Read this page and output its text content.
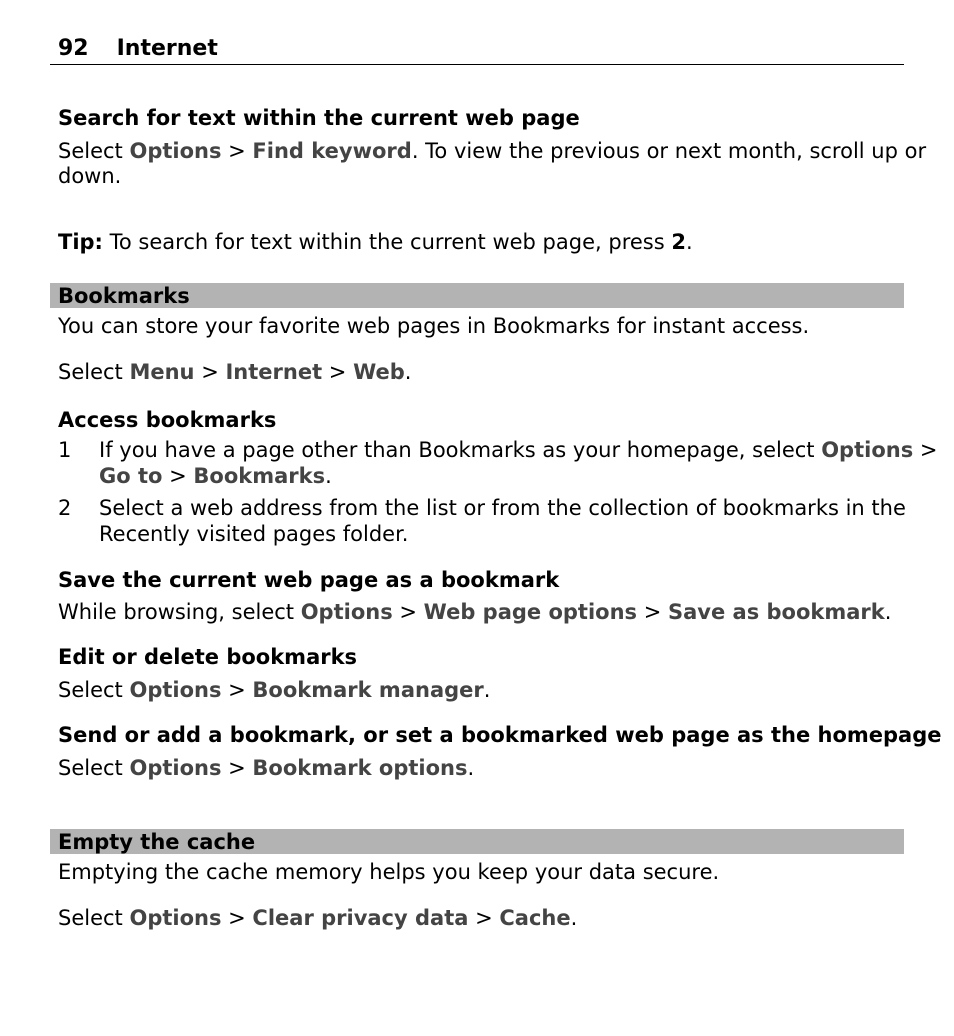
92 Internet
Search for text within the current web page
Select Options > Find keyword. To view the previous or next month, scroll up or
down.
Tip: To search for text within the current web page, press 2.
Bookmarks
You can store your favorite web pages in Bookmarks for instant access.
Select Menu > Internet > Web.
Access bookmarks
1 If you have a page other than Bookmarks as your homepage, select Options >
Go to > Bookmarks.
2 Select a web address from the list or from the collection of bookmarks in the
Recently visited pages folder.
Save the current web page as a bookmark
While browsing, select Options > Web page options > Save as bookmark.
Edit or delete bookmarks
Select Options > Bookmark manager.
Send or add a bookmark, or set a bookmarked web page as the homepage
Select Options > Bookmark options.
Empty the cache
Emptying the cache memory helps you keep your data secure.
Select Options > Clear privacy data > Cache.
